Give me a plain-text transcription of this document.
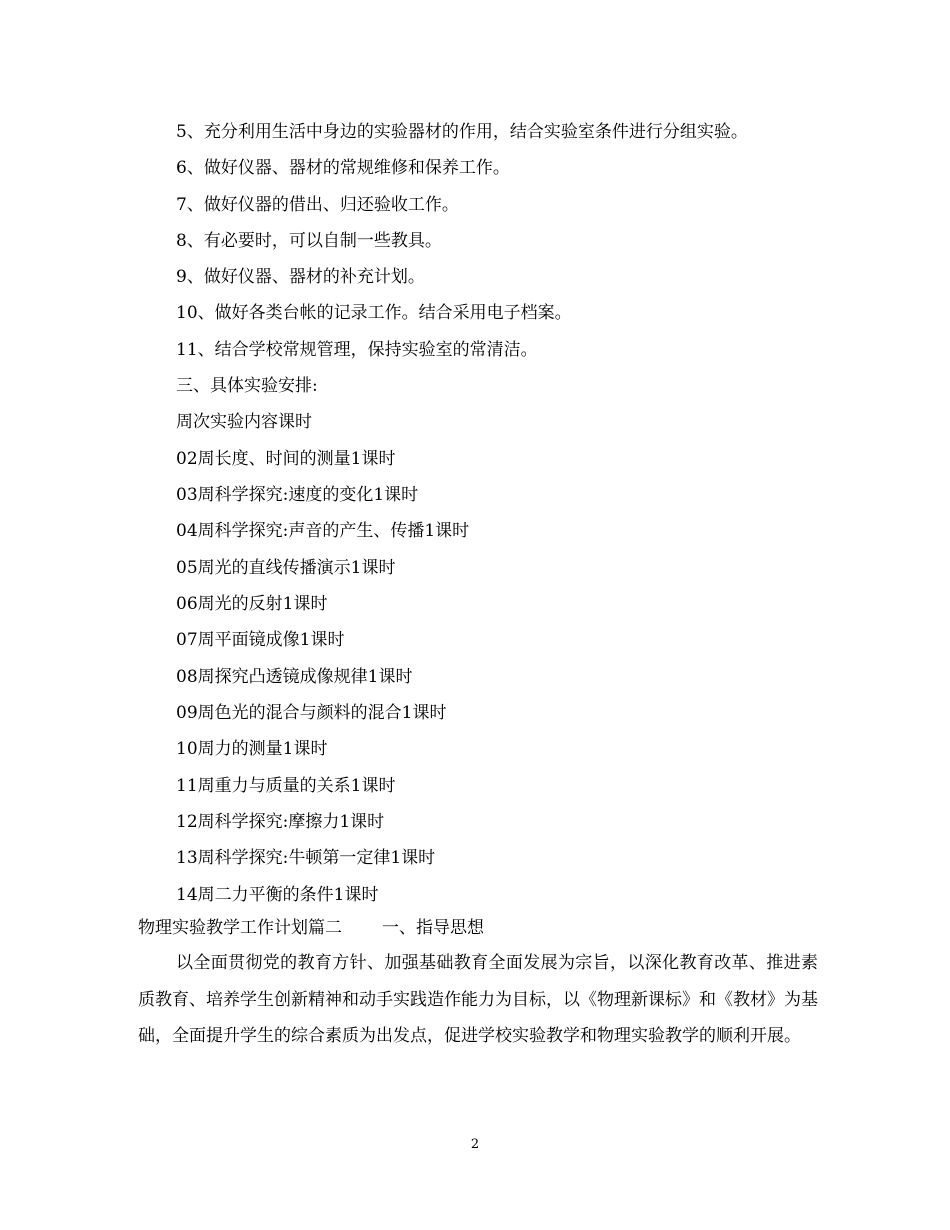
5、充分利用生活中身边的实验器材的作用，结合实验室条件进行分组实验。
6、做好仪器、器材的常规维修和保养工作。
7、做好仪器的借出、归还验收工作。
8、有必要时，可以自制一些教具。
9、做好仪器、器材的补充计划。
10、做好各类台帐的记录工作。结合采用电子档案。
11、结合学校常规管理，保持实验室的常清洁。
三、具体实验安排:
周次实验内容课时
02周长度、时间的测量1课时
03周科学探究:速度的变化1课时
04周科学探究:声音的产生、传播1课时
05周光的直线传播演示1课时
06周光的反射1课时
07周平面镜成像1课时
08周探究凸透镜成像规律1课时
09周色光的混合与颜料的混合1课时
10周力的测量1课时
11周重力与质量的关系1课时
12周科学探究:摩擦力1课时
13周科学探究:牛顿第一定律1课时
14周二力平衡的条件1课时
物理实验教学工作计划篇二 一、指导思想
以全面贯彻党的教育方针、加强基础教育全面发展为宗旨，以深化教育改革、推进素质教育、培养学生创新精神和动手实践造作能力为目标，以《物理新课标》和《教材》为基础，全面提升学生的综合素质为出发点，促进学校实验教学和物理实验教学的顺利开展。
2
